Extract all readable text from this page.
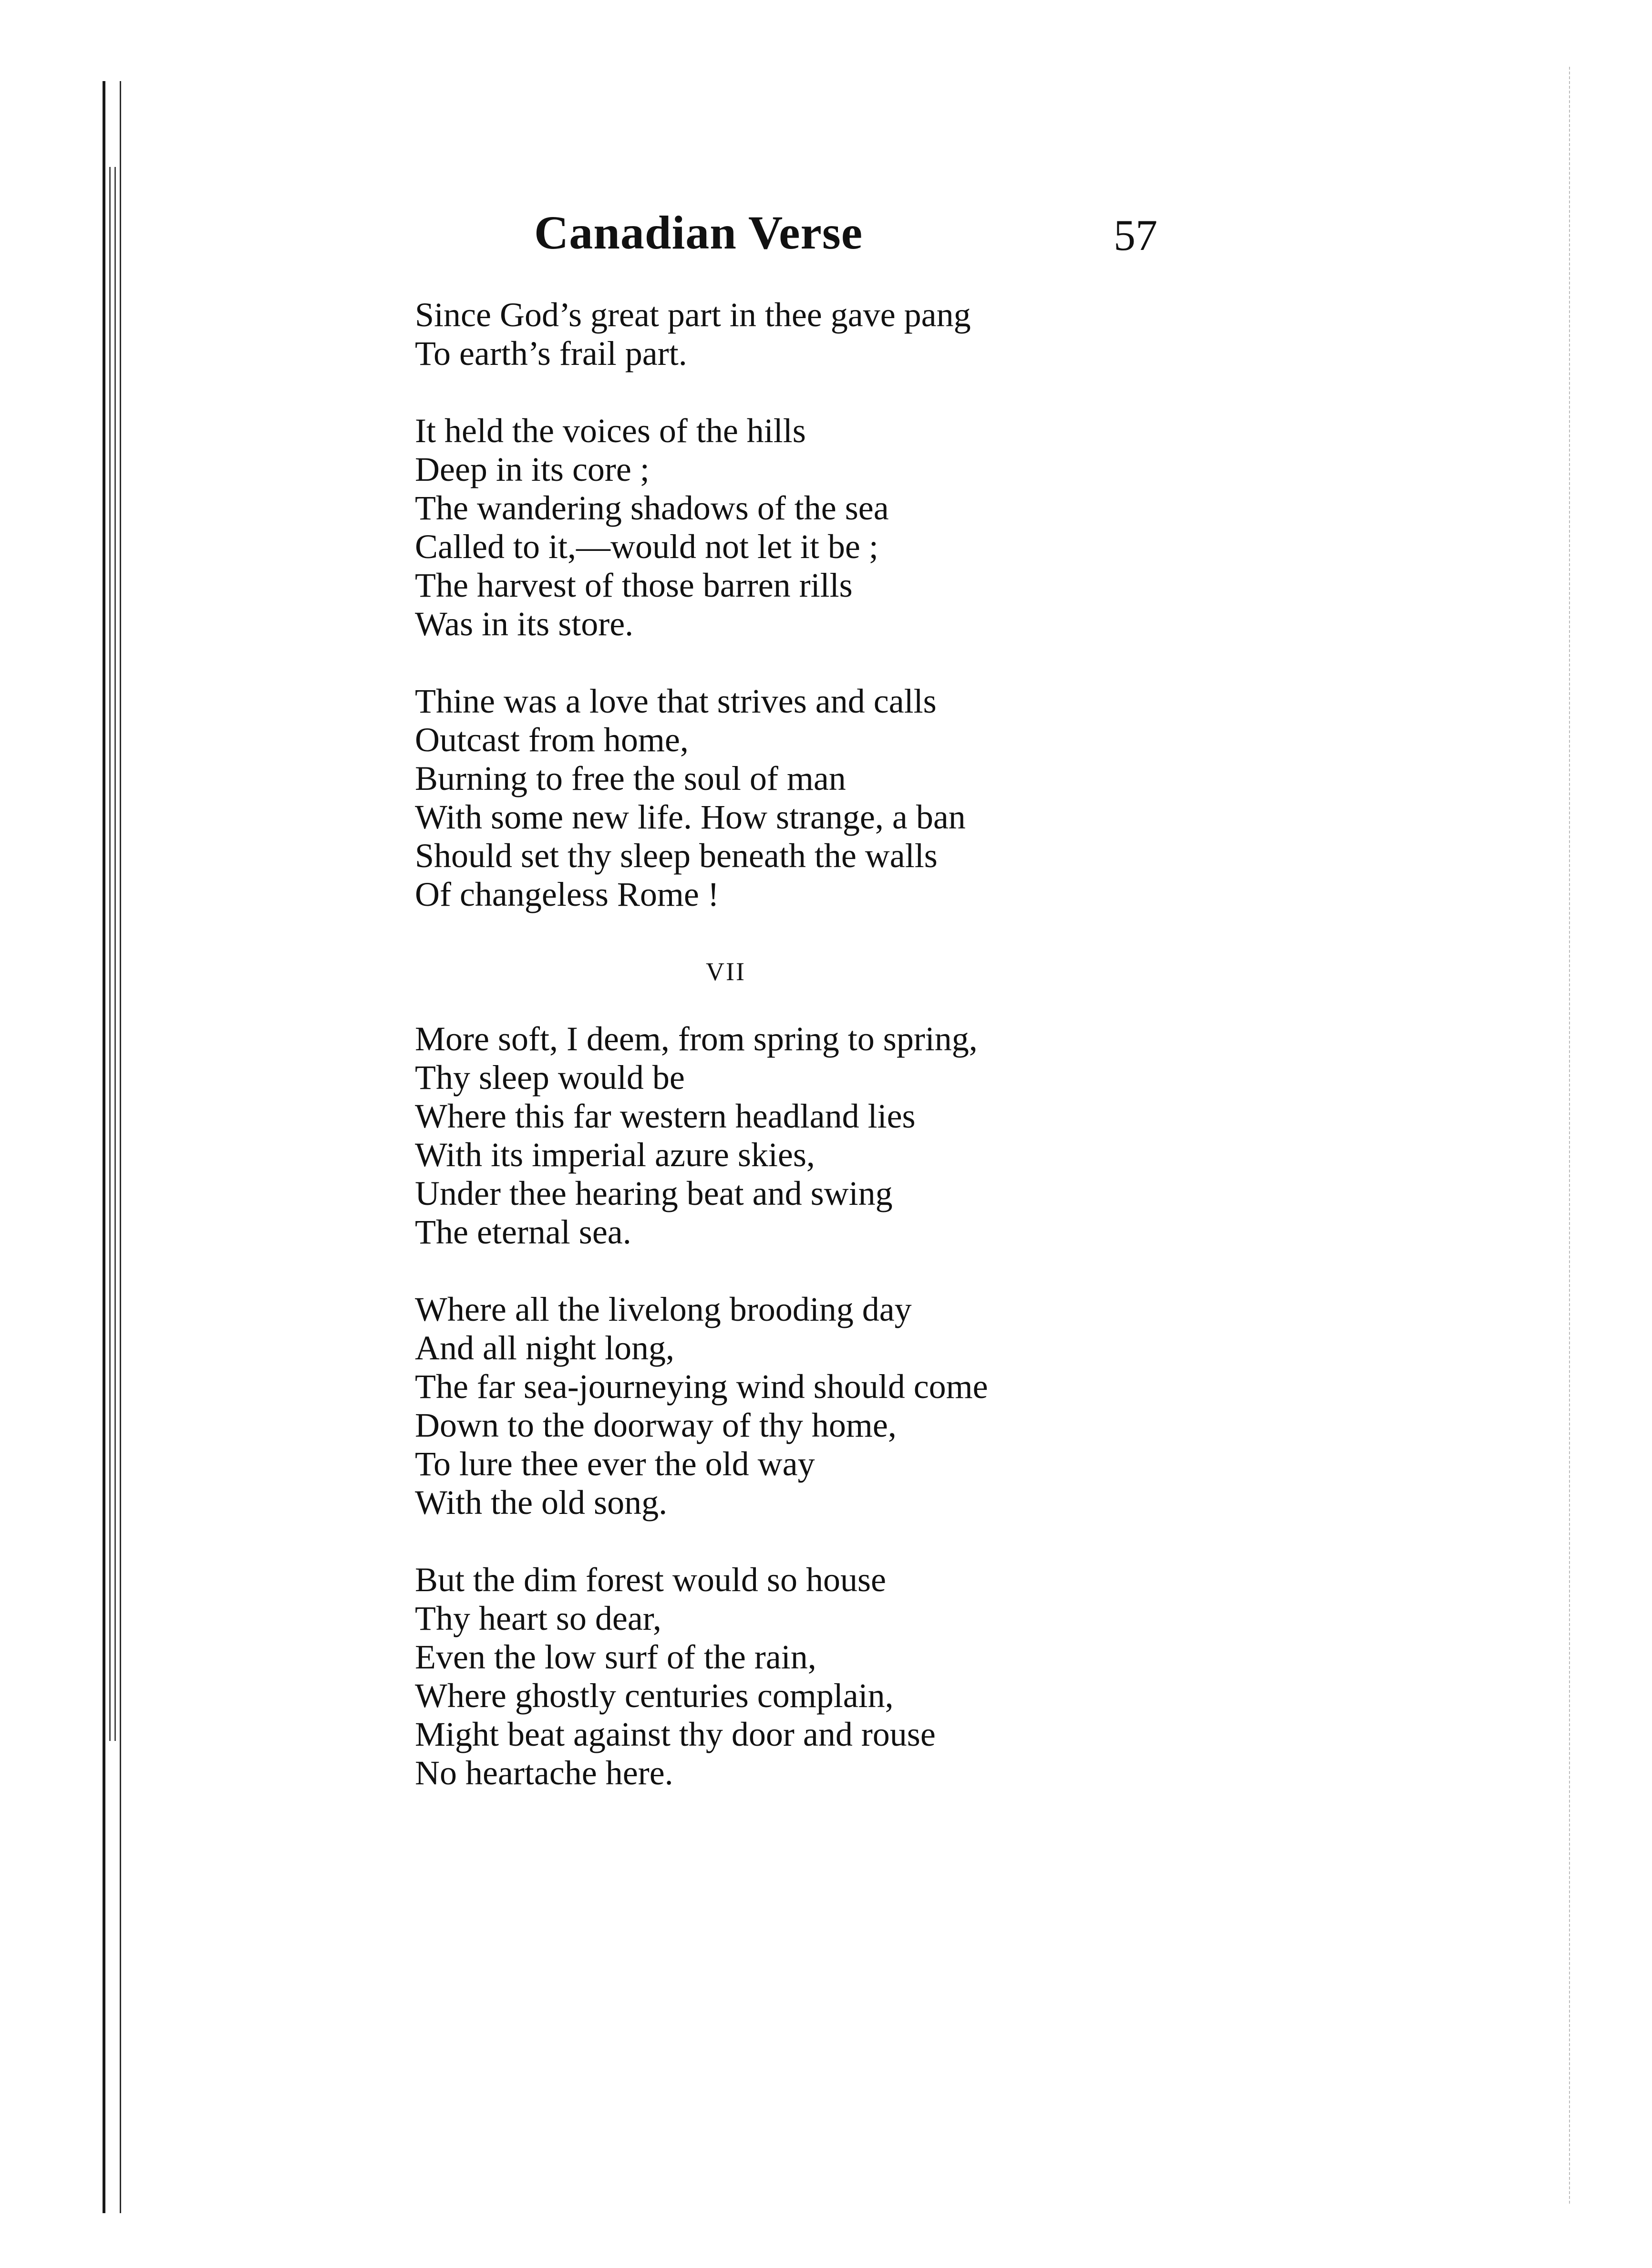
Canadian Verse	57
Since God’s great part in thee gave pang
To earth’s frail part.
It held the voices of the hills
Deep in its core ;
The wandering shadows of the sea
Called to it,—would not let it be ;
The harvest of those barren rills
Was in its store.
Thine was a love that strives and calls
Outcast from home,
Burning to free the soul of man
With some new life. How strange, a ban
Should set thy sleep beneath the walls
Of changeless Rome !
VII
More soft, I deem, from spring to spring,
Thy sleep would be
Where this far western headland lies
With its imperial azure skies,
Under thee hearing beat and swing
The eternal sea.
Where all the livelong brooding day
And all night long,
The far sea-journeying wind should come
Down to the doorway of thy home,
To lure thee ever the old way
With the old song.
But the dim forest would so house
Thy heart so dear,
Even the low surf of the rain,
Where ghostly centuries complain,
Might beat against thy door and rouse
No heartache here.
